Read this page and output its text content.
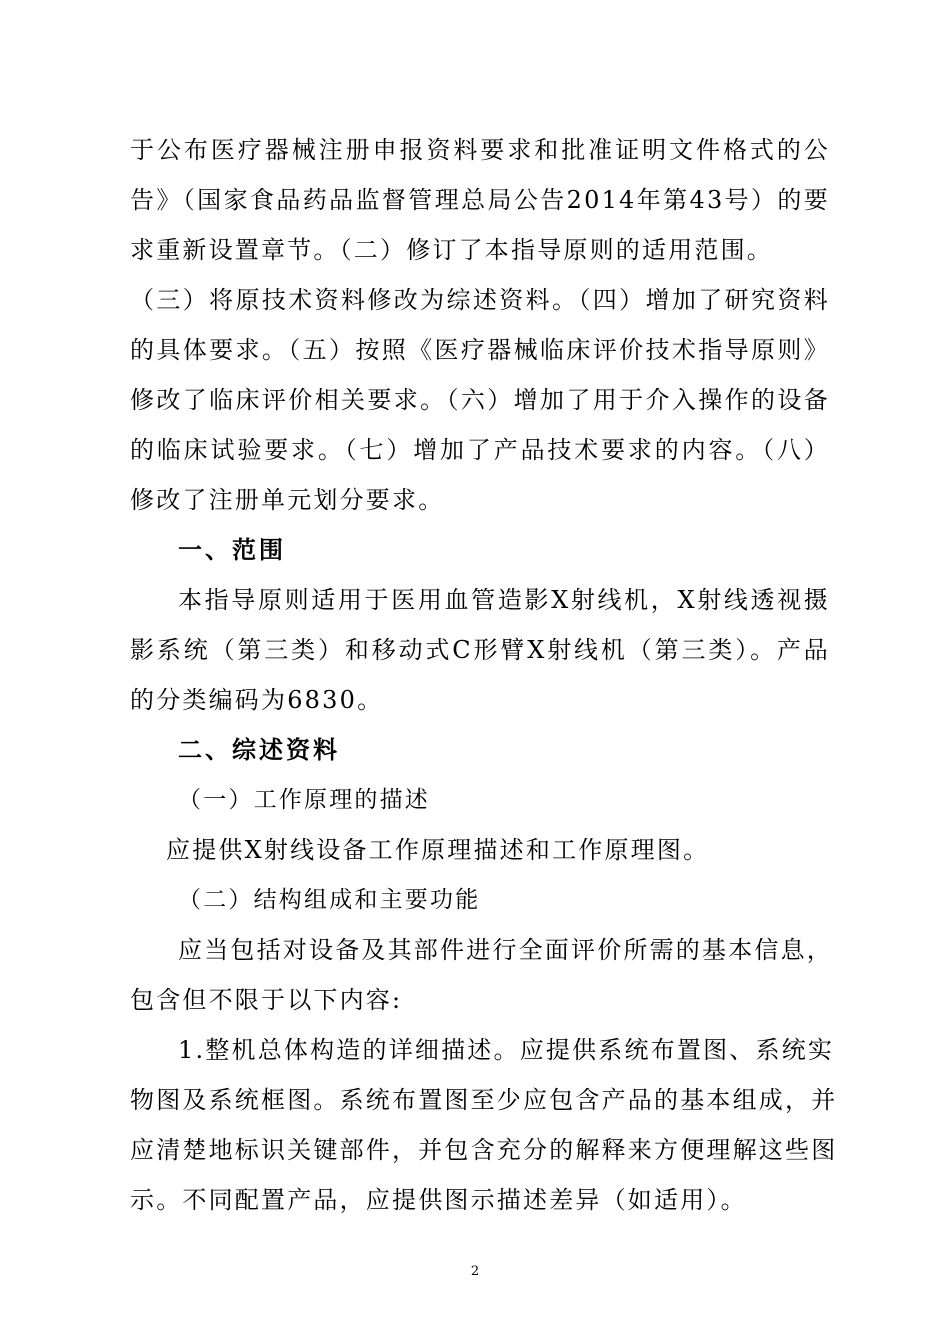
于公布医疗器械注册申报资料要求和批准证明文件格式的公
告》（国家食品药品监督管理总局公告2014年第43号）的要
求重新设置章节。（二）修订了本指导原则的适用范围。
（三）将原技术资料修改为综述资料。（四）增加了研究资料
的具体要求。（五）按照《医疗器械临床评价技术指导原则》
修改了临床评价相关要求。（六）增加了用于介入操作的设备
的临床试验要求。（七）增加了产品技术要求的内容。（八）
修改了注册单元划分要求。
一、范围
本指导原则适用于医用血管造影X射线机，X射线透视摄
影系统（第三类）和移动式C形臂X射线机（第三类）。产品
的分类编码为6830。
二、综述资料
（一）工作原理的描述
应提供X射线设备工作原理描述和工作原理图。
（二）结构组成和主要功能
应当包括对设备及其部件进行全面评价所需的基本信息，
包含但不限于以下内容:
1.整机总体构造的详细描述。应提供系统布置图、系统实
物图及系统框图。系统布置图至少应包含产品的基本组成，并
应清楚地标识关键部件，并包含充分的解释来方便理解这些图
示。不同配置产品，应提供图示描述差异（如适用）。
2
